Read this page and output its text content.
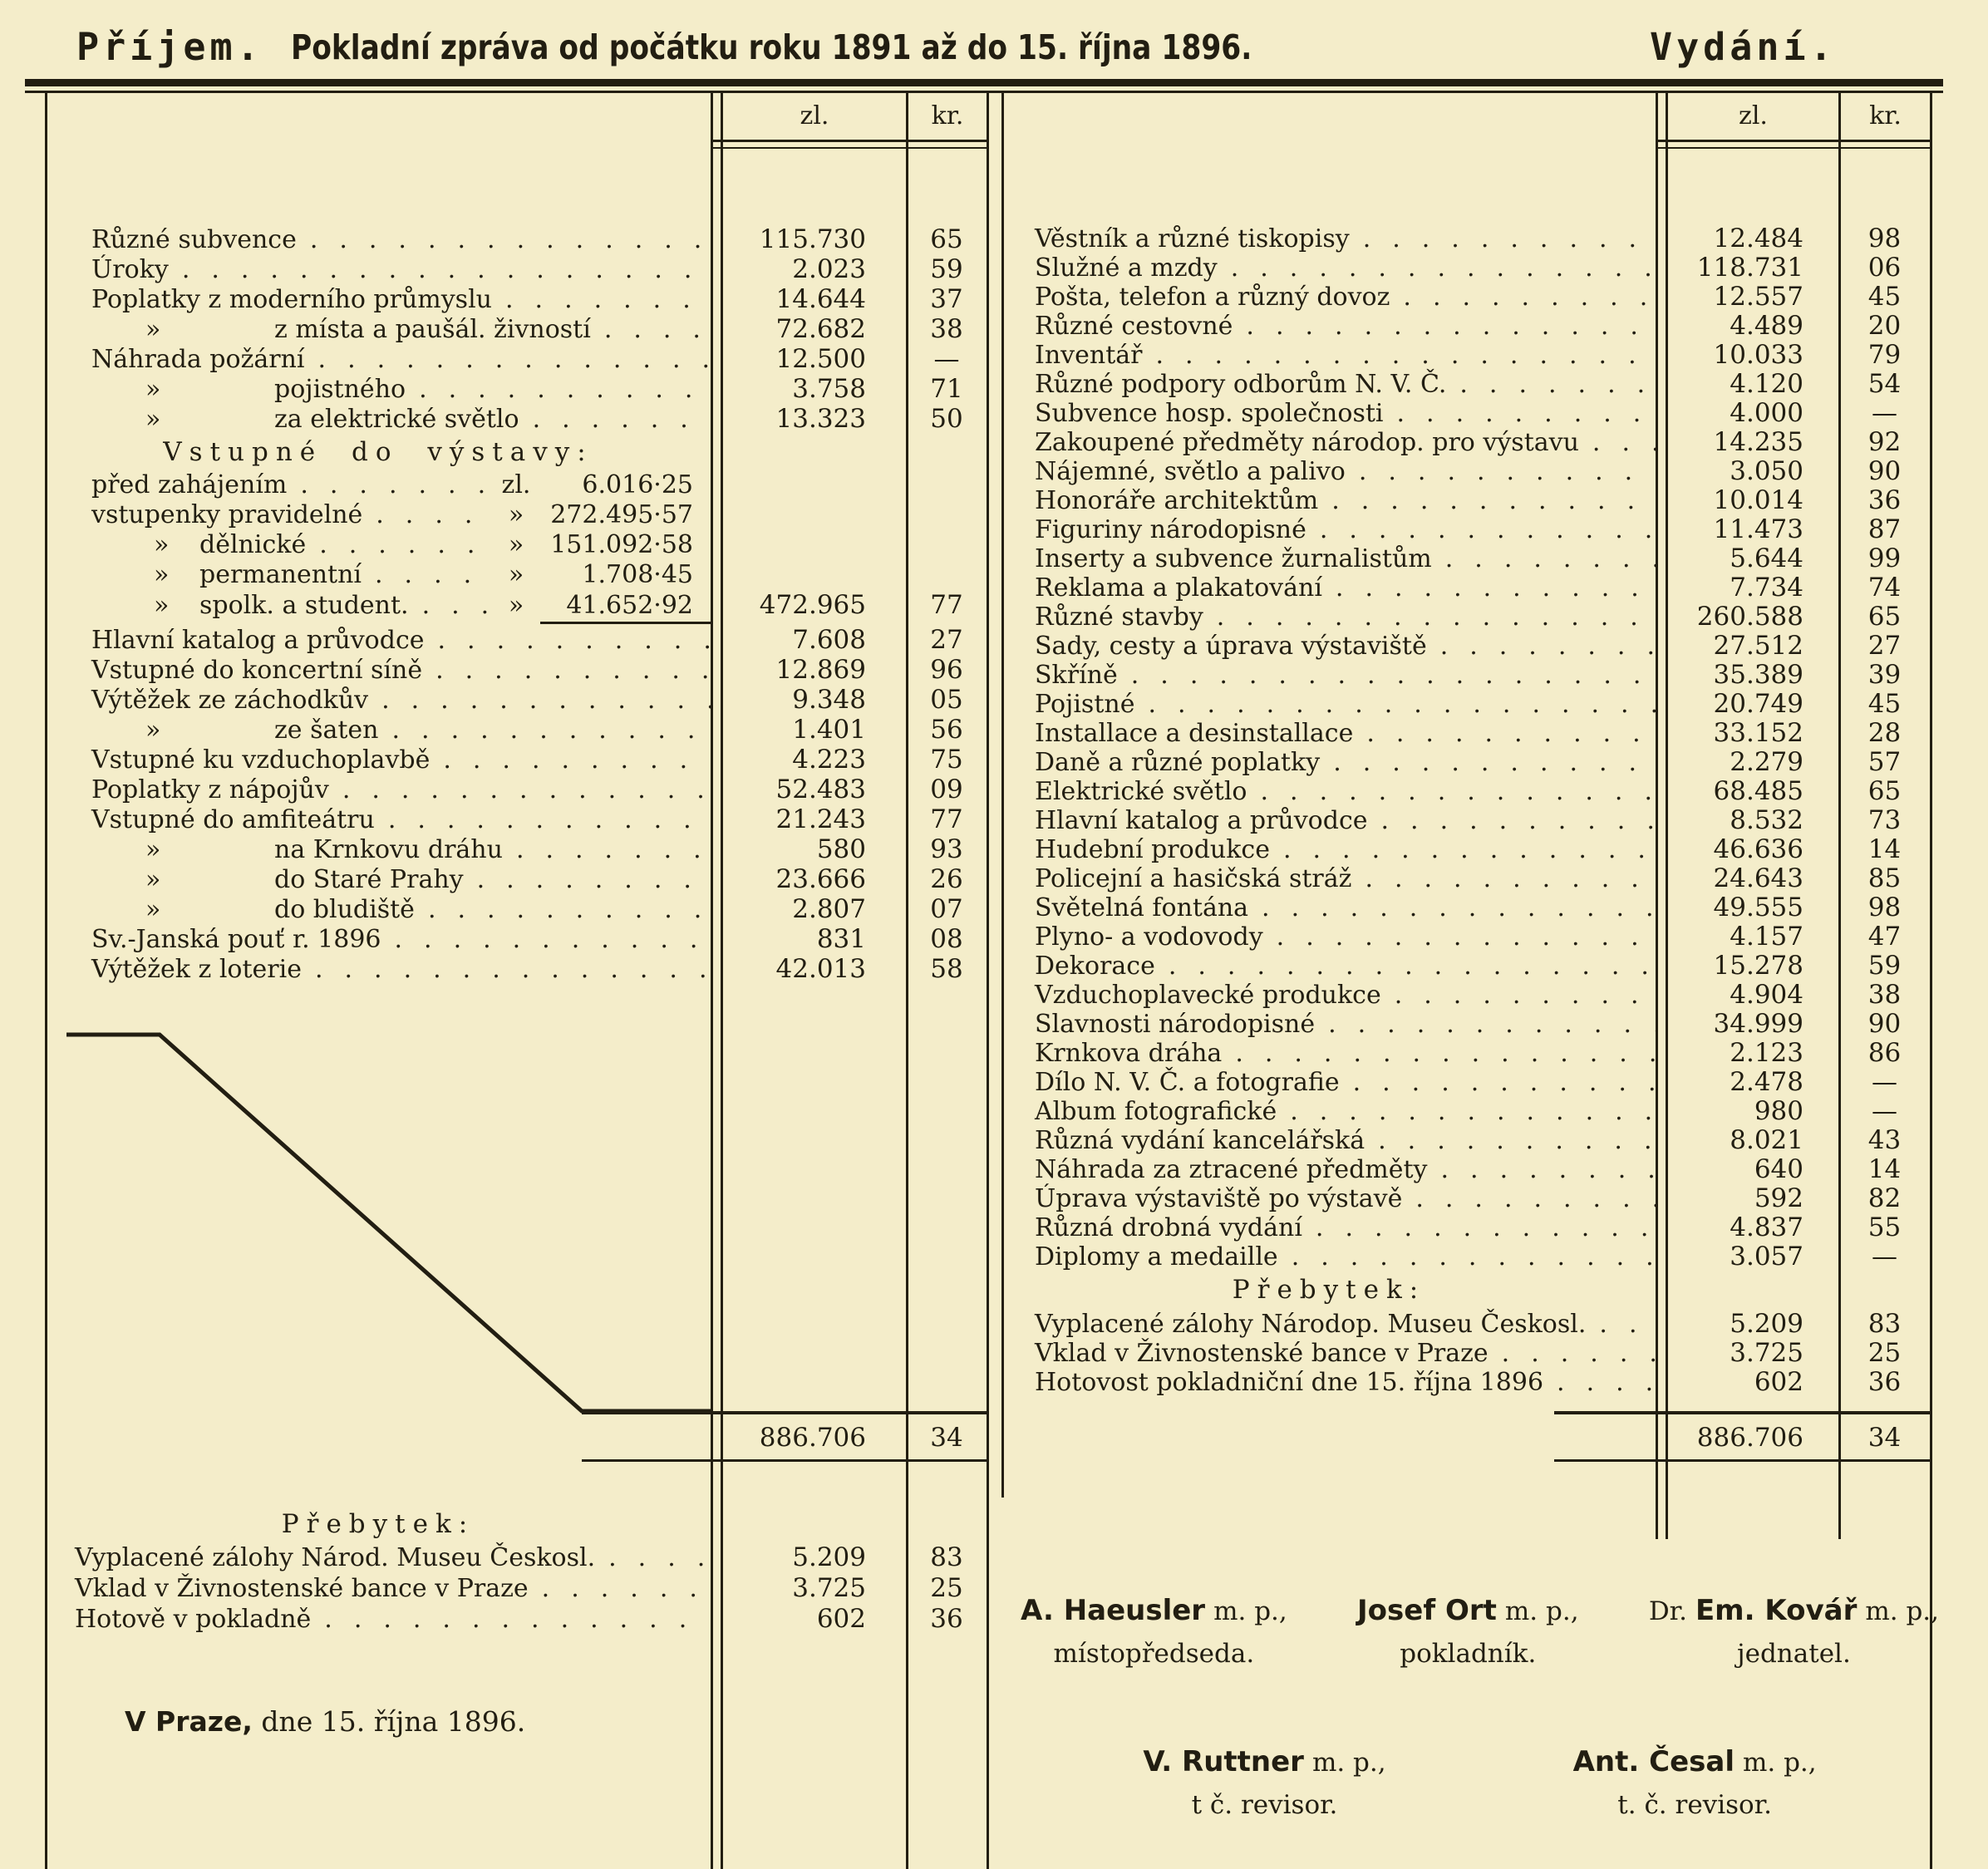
Příjem. Pokladní zpráva od počátku roku 1891 až do 15. října 1896.	Vydání.
zl.	kr.	zl.	kr.
Různé subvence .....	115.730	65
Úroky .....	2.023	59
Poplatky z moderního průmyslu .....	14.644	37
»	z místa a paušál. živností .....	72.682	38
Náhrada požární .....	12.500	—
»	pojistného .....	3.758	71
»	za elektrické světlo .....	13.323	50
Vstupné do výstavy:
před zahájením .....	zl.	6.016·25
vstupenky pravidelné .....	»	272.495·57
»	dělnické .....	»	151.092·58
»	permanentní .....	»	1.708·45
»	spolk. a student. .....	»	41.652·92	472.965	77
Hlavní katalog a průvodce .....	7.608	27
Vstupné do koncertní síně .....	12.869	96
Výtěžek ze záchodkův .....	9.348	05
»	ze šaten .....	1.401	56
Vstupné ku vzduchoplavbě .....	4.223	75
Poplatky z nápojův .....	52.483	09
Vstupné do amfiteátru .....	21.243	77
»	na Krnkovu dráhu .....	580	93
»	do Staré Prahy .....	23.666	26
»	do bludiště .....	2.807	07
Sv.-Janská pouť r. 1896 .....	831	08
Výtěžek z loterie .....	42.013	58
886.706	34
Přebytek:
Vyplacené zálohy Národ. Museu Českosl. .....	5.209	83
Vklad v Živnostenské bance v Praze .....	3.725	25
Hotově v pokladně .....	602	36
V Praze, dne 15. října 1896.
Věstník a různé tiskopisy .....	12.484	98
Služné a mzdy .....	118.731	06
Pošta, telefon a různý dovoz .....	12.557	45
Různé cestovné .....	4.489	20
Inventář .....	10.033	79
Různé podpory odborům N. V. Č. .....	4.120	54
Subvence hosp. společnosti .....	4.000	—
Zakoupené předměty národop. pro výstavu .....	14.235	92
Nájemné, světlo a palivo .....	3.050	90
Honoráře architektům .....	10.014	36
Figuriny národopisné .....	11.473	87
Inserty a subvence žurnalistům .....	5.644	99
Reklama a plakatování .....	7.734	74
Různé stavby .....	260.588	65
Sady, cesty a úprava výstaviště .....	27.512	27
Skříně .....	35.389	39
Pojistné .....	20.749	45
Installace a desinstallace .....	33.152	28
Daně a různé poplatky .....	2.279	57
Elektrické světlo .....	68.485	65
Hlavní katalog a průvodce .....	8.532	73
Hudební produkce .....	46.636	14
Policejní a hasičská stráž .....	24.643	85
Světelná fontána .....	49.555	98
Plyno- a vodovody .....	4.157	47
Dekorace .....	15.278	59
Vzduchoplavecké produkce .....	4.904	38
Slavnosti národopisné .....	34.999	90
Krnkova dráha .....	2.123	86
Dílo N. V. Č. a fotografie .....	2.478	—
Album fotografické .....	980	—
Různá vydání kancelářská .....	8.021	43
Náhrada za ztracené předměty .....	640	14
Úprava výstaviště po výstavě .....	592	82
Různá drobná vydání .....	4.837	55
Diplomy a medaille .....	3.057	—
Přebytek:
Vyplacené zálohy Národop. Museu Českosl. .....	5.209	83
Vklad v Živnostenské bance v Praze .....	3.725	25
Hotovost pokladniční dne 15. října 1896 .....	602	36
886.706	34
A. Haeusler m. p.,
místopředseda.
Josef Ort m. p.,
pokladník.
Dr. Em. Kovář m. p.,
jednatel.
V. Ruttner m. p.,
t č. revisor.
Ant. Česal m. p.,
t. č. revisor.
